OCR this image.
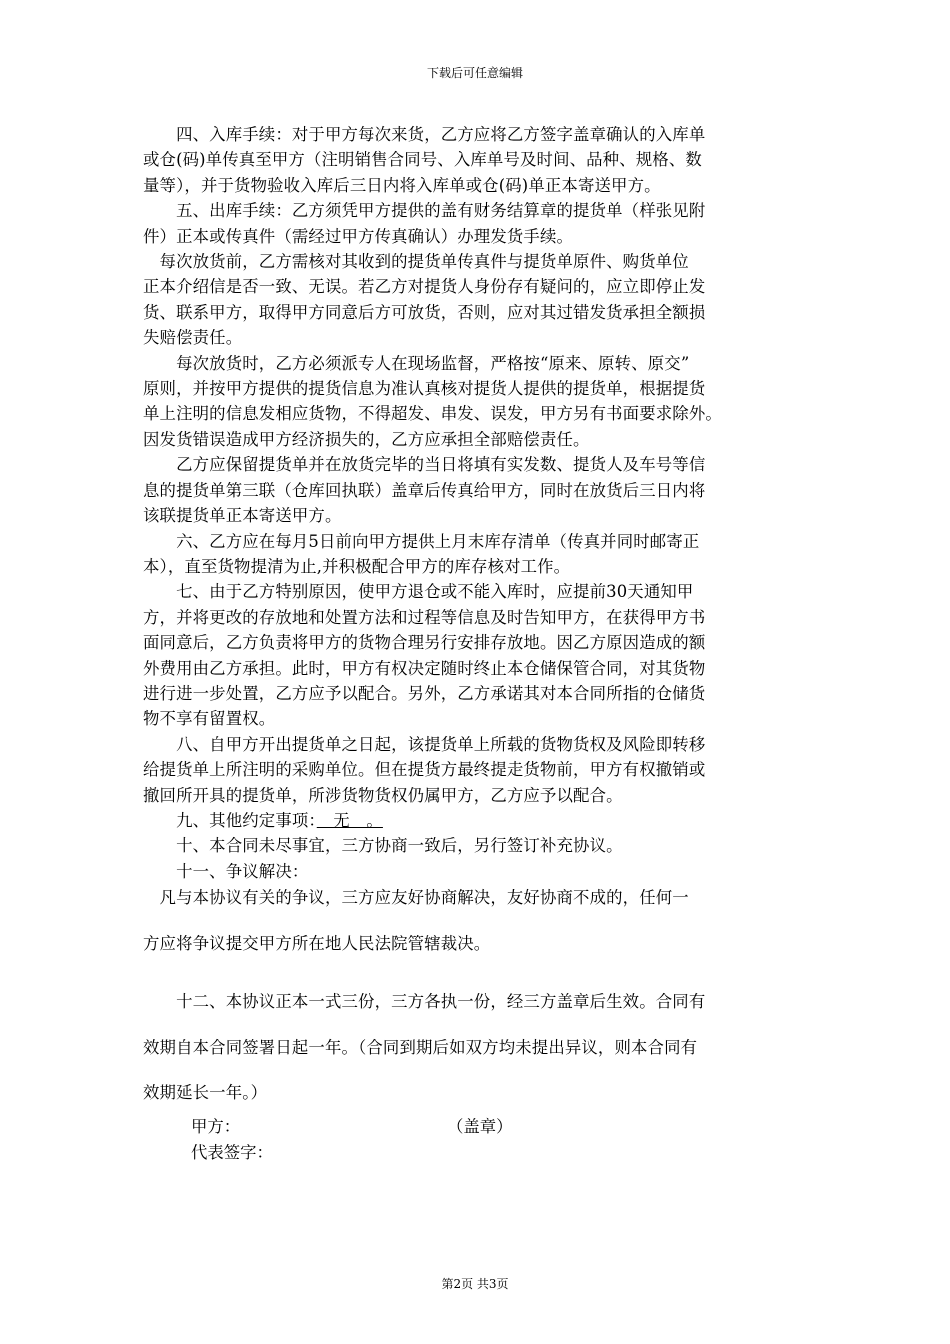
下载后可任意编辑

　　四、入库手续：对于甲方每次来货，乙方应将乙方签字盖章确认的入库单

或仓(码)单传真至甲方（注明销售合同号、入库单号及时间、品种、规格、数

量等），并于货物验收入库后三日内将入库单或仓(码)单正本寄送甲方。

　　五、出库手续：乙方须凭甲方提供的盖有财务结算章的提货单（样张见附

件）正本或传真件（需经过甲方传真确认）办理发货手续。

　每次放货前，乙方需核对其收到的提货单传真件与提货单原件、购货单位

正本介绍信是否一致、无误。若乙方对提货人身份存有疑问的，应立即停止发

货、联系甲方，取得甲方同意后方可放货，否则，应对其过错发货承担全额损

失赔偿责任。

　　每次放货时，乙方必须派专人在现场监督，严格按“原来、原转、原交”

原则，并按甲方提供的提货信息为准认真核对提货人提供的提货单，根据提货

单上注明的信息发相应货物，不得超发、串发、误发，甲方另有书面要求除外。

因发货错误造成甲方经济损失的，乙方应承担全部赔偿责任。

　　乙方应保留提货单并在放货完毕的当日将填有实发数、提货人及车号等信

息的提货单第三联（仓库回执联）盖章后传真给甲方，同时在放货后三日内将

该联提货单正本寄送甲方。

　　六、乙方应在每月5日前向甲方提供上月末库存清单（传真并同时邮寄正

本），直至货物提清为止,并积极配合甲方的库存核对工作。

　　七、由于乙方特别原因，使甲方退仓或不能入库时，应提前30天通知甲

方，并将更改的存放地和处置方法和过程等信息及时告知甲方，在获得甲方书

面同意后，乙方负责将甲方的货物合理另行安排存放地。因乙方原因造成的额

外费用由乙方承担。此时，甲方有权决定随时终止本仓储保管合同，对其货物

进行进一步处置，乙方应予以配合。另外，乙方承诺其对本合同所指的仓储货

物不享有留置权。

　　八、自甲方开出提货单之日起，该提货单上所载的货物货权及风险即转移

给提货单上所注明的采购单位。但在提货方最终提走货物前，甲方有权撤销或

撤回所开具的提货单，所涉货物货权仍属甲方，乙方应予以配合。

　　九、其他约定事项：　无　。

　　十、本合同未尽事宜，三方协商一致后，另行签订补充协议。

　　十一、争议解决：

　凡与本协议有关的争议，三方应友好协商解决，友好协商不成的，任何一

方应将争议提交甲方所在地人民法院管辖裁决。

　　十二、本协议正本一式三份，三方各执一份，经三方盖章后生效。合同有

效期自本合同签署日起一年。（合同到期后如双方均未提出异议，则本合同有

效期延长一年。）

甲方：	（盖章）
代表签字：
第2页 共3页
